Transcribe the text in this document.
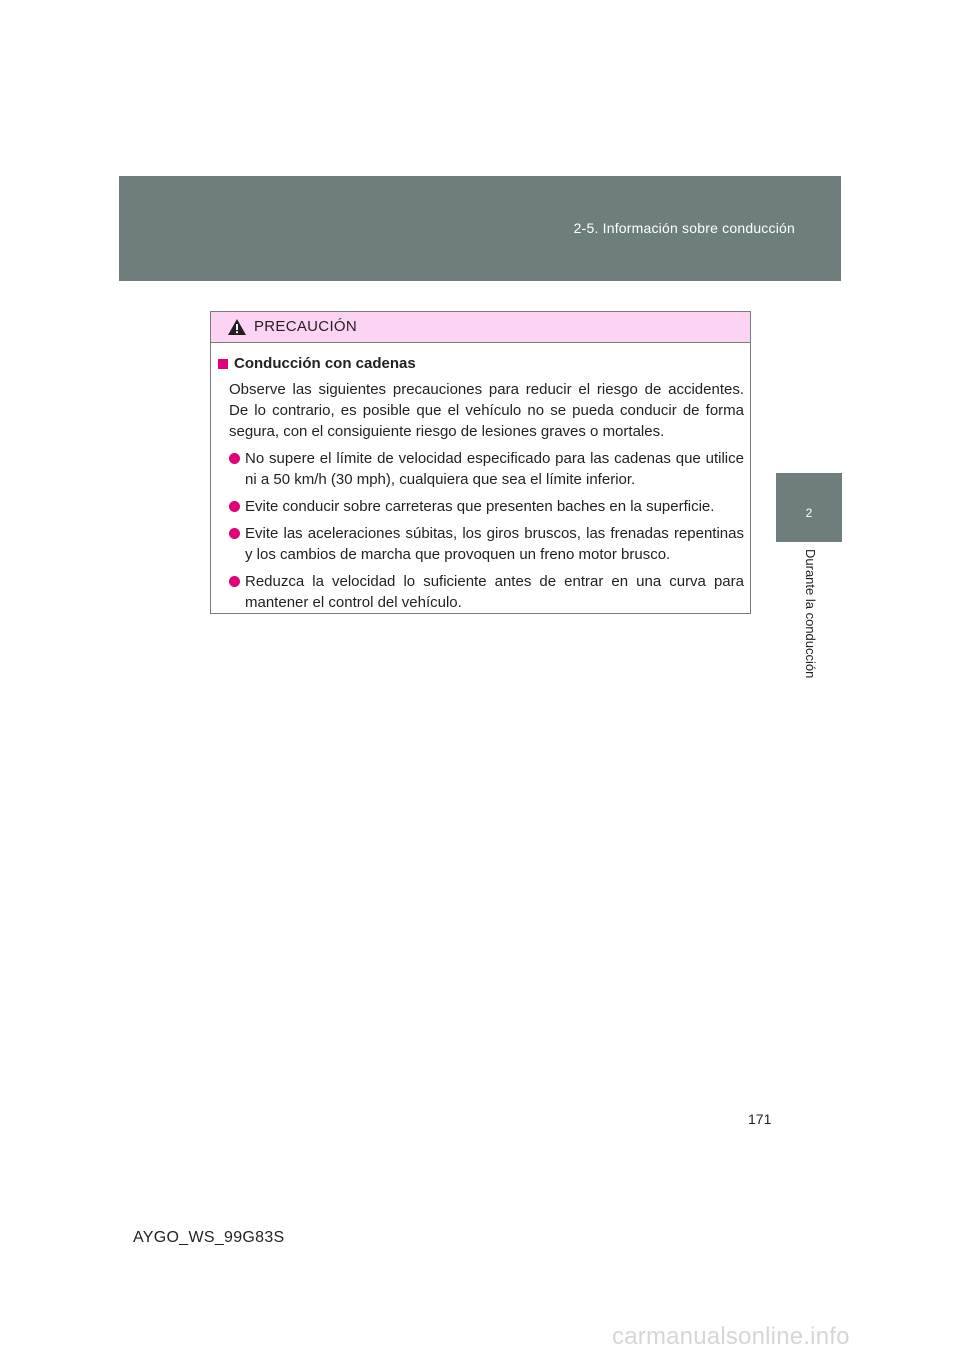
2-5. Información sobre conducción
2
Durante la conducción
PRECAUCIÓN
Conducción con cadenas
Observe las siguientes precauciones para reducir el riesgo de accidentes.
De lo contrario, es posible que el vehículo no se pueda conducir de forma
segura, con el consiguiente riesgo de lesiones graves o mortales.
No supere el límite de velocidad especificado para las cadenas que utilice
ni a 50 km/h (30 mph), cualquiera que sea el límite inferior.
Evite conducir sobre carreteras que presenten baches en la superficie.
Evite las aceleraciones súbitas, los giros bruscos, las frenadas repentinas
y los cambios de marcha que provoquen un freno motor brusco.
Reduzca la velocidad lo suficiente antes de entrar en una curva para
mantener el control del vehículo.
171
AYGO_WS_99G83S
carmanualsonline.info
